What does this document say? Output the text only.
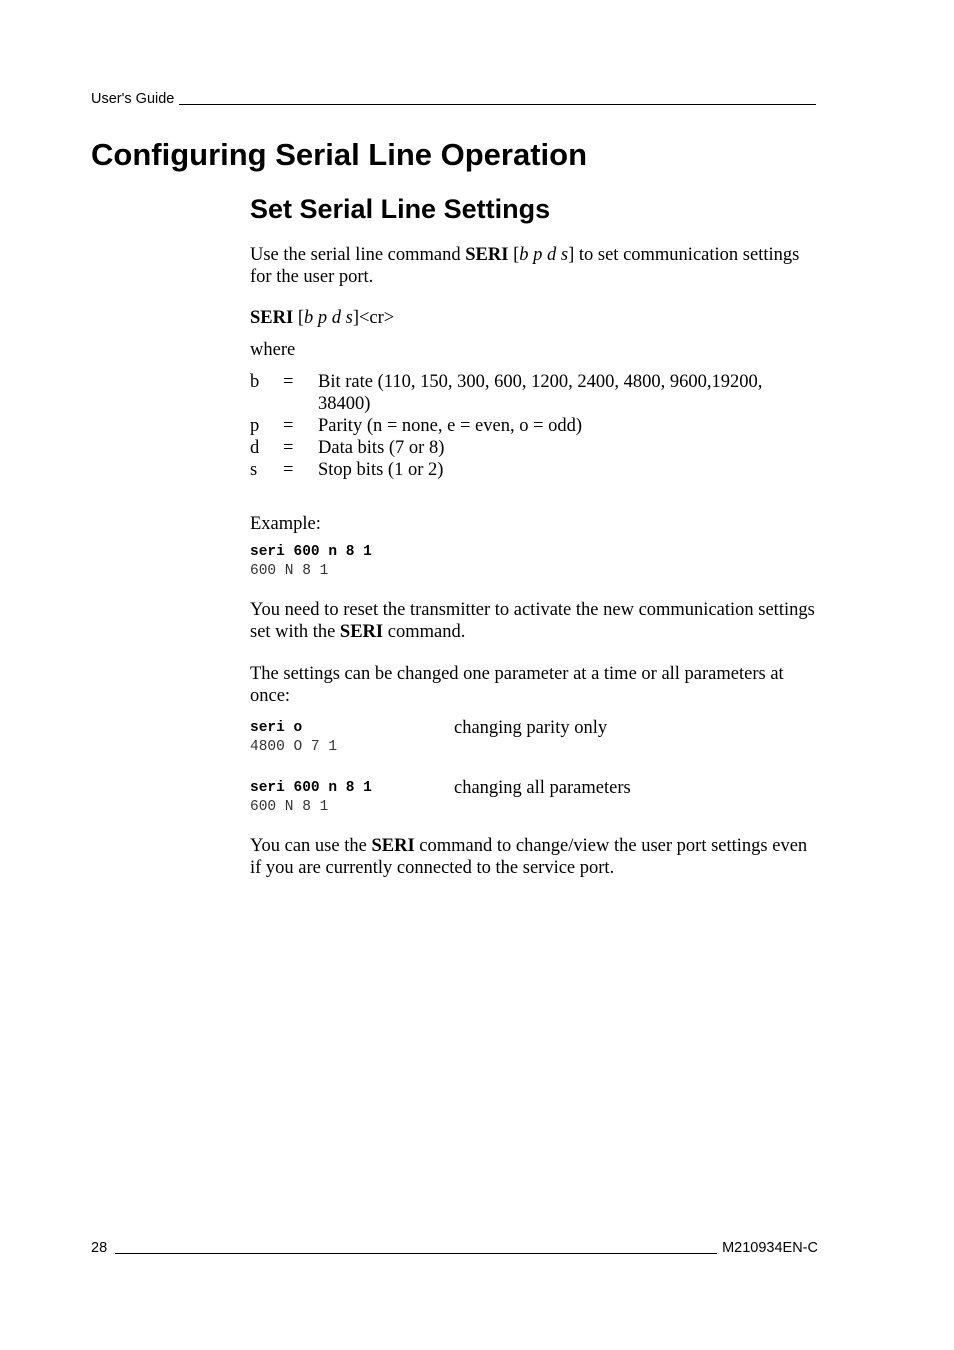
User's Guide
Configuring Serial Line Operation
Set Serial Line Settings

Use the serial line command SERI [b p d s] to set communication settings for the user port.

SERI [b p d s]<cr>

where

b	=	Bit rate (110, 150, 300, 600, 1200, 2400, 4800, 9600,19200, 38400)
p	=	Parity (n = none, e = even, o = odd)
d	=	Data bits (7 or 8)
s	=	Stop bits (1 or 2)

Example:

seri 600 n 8 1
600 N 8 1

You need to reset the transmitter to activate the new communication settings set with the SERI command.

The settings can be changed one parameter at a time or all parameters at once:

seri o
4800 O 7 1
changing parity only
seri 600 n 8 1
600 N 8 1
changing all parameters

You can use the SERI command to change/view the user port settings even if you are currently connected to the service port.

28	M210934EN-C
